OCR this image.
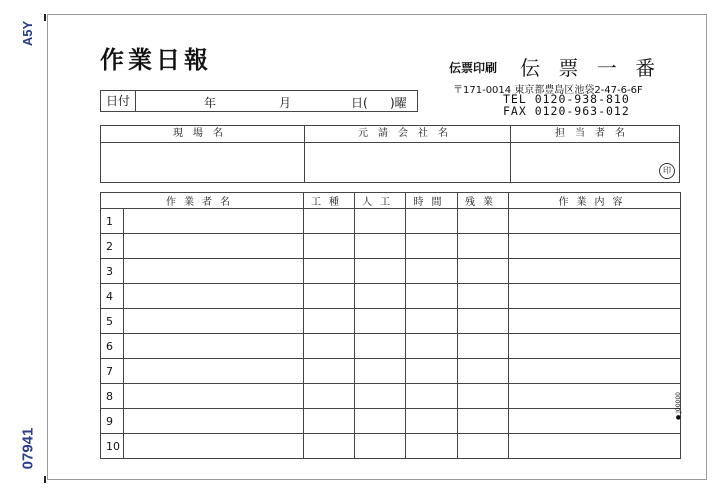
A5Y
07941
作業日報	伝票印刷 伝 票 一 番
〒171-0014 東京都豊島区池袋2-47-6-6F
TEL 0120-938-810
FAX 0120-963-012
日付	年	月	日( )曜
現場名	元請会社名	担当者名
印
作業者名		工種	人工	時間	残業	作業内容
1						
2						
3						
4						
5						
6						
7						
8						
9						
10						
● J00000
